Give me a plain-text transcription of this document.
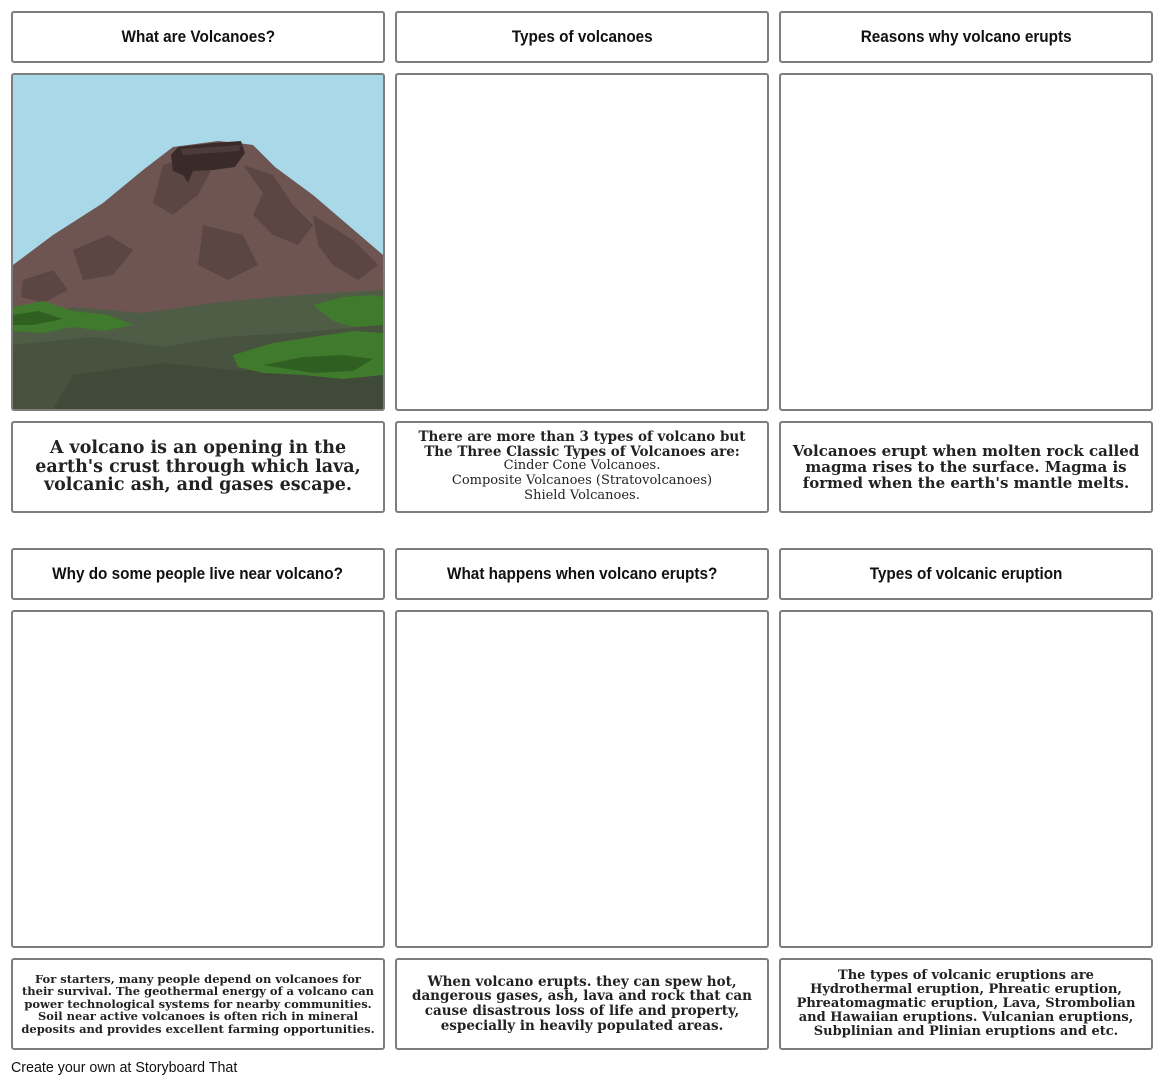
What are Volcanoes?	Types of volcanoes	Reasons why volcano erupts
A volcano is an opening in the earth's crust through which lava, volcanic ash, and gases escape.
There are more than 3 types of volcano but The Three Classic Types of Volcanoes are:
Cinder Cone Volcanoes.
Composite Volcanoes (Stratovolcanoes)
Shield Volcanoes.
Volcanoes erupt when molten rock called magma rises to the surface. Magma is formed when the earth's mantle melts.
Why do some people live near volcano?	What happens when volcano erupts?	Types of volcanic eruption
For starters, many people depend on volcanoes for their survival. The geothermal energy of a volcano can power technological systems for nearby communities. Soil near active volcanoes is often rich in mineral deposits and provides excellent farming opportunities.
When volcano erupts. they can spew hot, dangerous gases, ash, lava and rock that can cause disastrous loss of life and property, especially in heavily populated areas.
The types of volcanic eruptions are Hydrothermal eruption, Phreatic eruption, Phreatomagmatic eruption, Lava, Strombolian and Hawaiian eruptions. Vulcanian eruptions, Subplinian and Plinian eruptions and etc.
Create your own at Storyboard That
